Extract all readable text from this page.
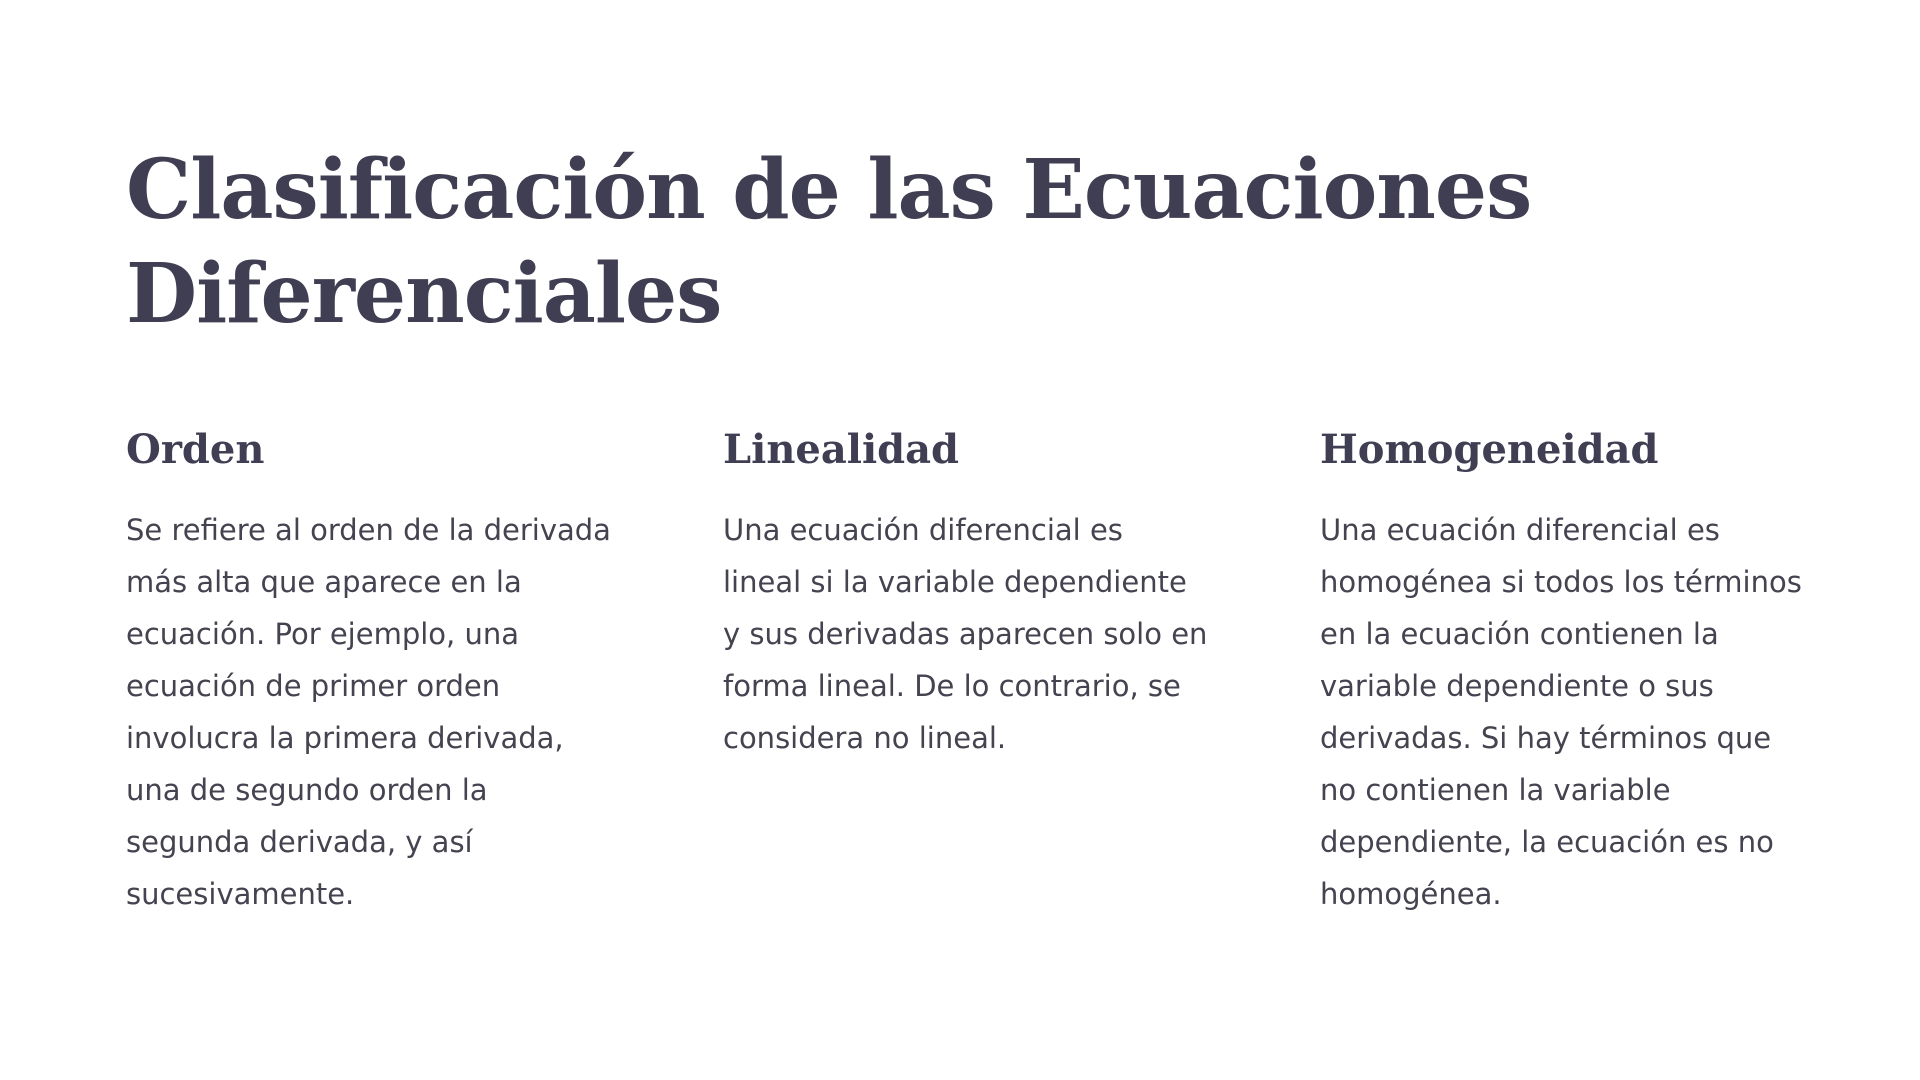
Clasificación de las Ecuaciones Diferenciales
Orden

Se refiere al orden de la derivada más alta que aparece en la ecuación. Por ejemplo, una ecuación de primer orden involucra la primera derivada, una de segundo orden la segunda derivada, y así sucesivamente.

Linealidad

Una ecuación diferencial es lineal si la variable dependiente y sus derivadas aparecen solo en forma lineal. De lo contrario, se considera no lineal.

Homogeneidad

Una ecuación diferencial es homogénea si todos los términos en la ecuación contienen la variable dependiente o sus derivadas. Si hay términos que no contienen la variable dependiente, la ecuación es no homogénea.
